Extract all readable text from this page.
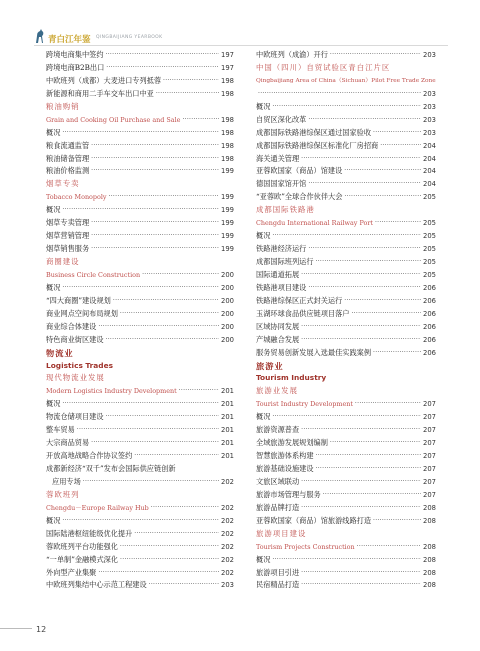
青白江年鉴 QINGBAIJIANG YEARBOOK
跨境电商集中签约 ·····	197
跨境电商B2B出口 ·····	197
中欧班列（成都）大麦进口专列抵蓉 ·····	198
新能源和商用二手车交车出口中亚 ·····	198
粮油购销
Grain and Cooking Oil Purchase and Sale ·····	198
概况 ·····	198
粮食流通监管 ·····	198
粮油储备管理 ·····	198
粮油价格监测 ·····	199
烟草专卖
Tobacco Monopoly ·····	199
概况 ·····	199
烟草专卖管理 ·····	199
烟草营销管理 ·····	199
烟草销售服务 ·····	199
商圈建设
Business Circle Construction ·····	200
概况 ·····	200
“四大商圈”建设规划 ·····	200
商业网点空间布局规划 ·····	200
商业综合体建设 ·····	200
特色商业街区建设 ·····	200
物流业
Logistics Trades
现代物流业发展
Modern Logistics Industry Development ·····	201
概况 ·····	201
物流仓储项目建设 ·····	201
整车贸易 ·····	201
大宗商品贸易 ·····	201
开放高地战略合作协议签约 ·····	201
成都新经济“双千”发布会国际供应链创新
应用专场 ·····	202
蓉欧班列
Chengdu－Europe Railway Hub ·····	202
概况 ·····	202
国际陆港枢纽能级优化提升 ·····	202
蓉欧班列平台功能强化 ·····	202
“一单制”金融模式深化 ·····	202
外向型产业集聚 ·····	202
中欧班列集结中心示范工程建设 ·····	203
中欧班列（成渝）开行 ·····	203
中国（四川）自贸试验区青白江片区
Qingbaijiang Area of China（Sichuan）Pilot Free Trade Zone
·····
203
概况 ·····	203
自贸区深化改革 ·····	203
成都国际铁路港综保区通过国家验收 ·····	203
成都国际铁路港综保区标准化厂房招商 ·····	204
海关通关管理 ·····	204
亚蓉欧国家（商品）馆建设 ·····	204
德国国家馆开馆 ·····	204
“亚蓉欧”全球合作伙伴大会 ·····	205
成都国际铁路港
Chengdu International Railway Port ·····	205
概况 ·····	205
铁路港经济运行 ·····	205
成都国际班列运行 ·····	205
国际通道拓展 ·····	205
铁路港项目建设 ·····	206
铁路港综保区正式封关运行 ·····	206
玉湖环球食品供应链项目落户 ·····	206
区域协同发展 ·····	206
产城融合发展 ·····	206
服务贸易创新发展入选最佳实践案例 ·····	206
旅游业
Tourism Industry
旅游业发展
Tourist Industry Development ·····	207
概况 ·····	207
旅游资源普查 ·····	207
全域旅游发展规划编制 ·····	207
智慧旅游体系构建 ·····	207
旅游基础设施建设 ·····	207
文旅区域联动 ·····	207
旅游市场管理与服务 ·····	207
旅游品牌打造 ·····	208
亚蓉欧国家（商品）馆旅游线路打造 ·····	208
旅游项目建设
Tourism Projects Construction ·····	208
概况 ·····	208
旅游项目引进 ·····	208
民宿精品打造 ·····	208
12
